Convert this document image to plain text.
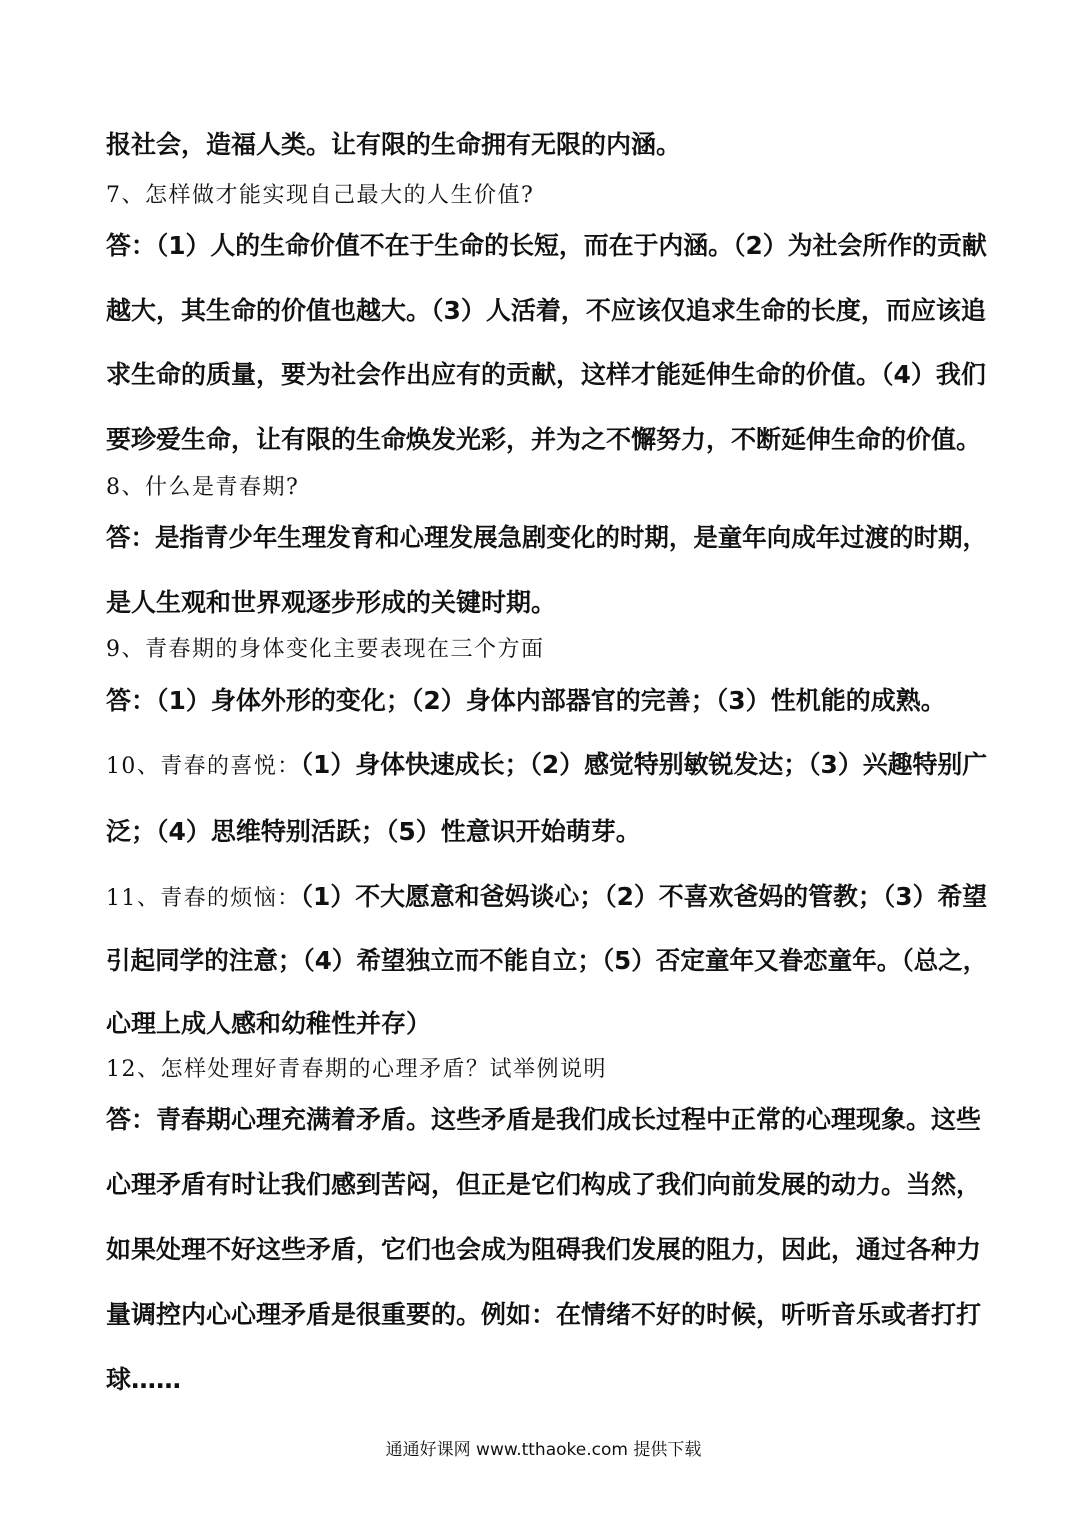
报社会，造福人类。让有限的生命拥有无限的内涵。
7、怎样做才能实现自己最大的人生价值?
答：（1）人的生命价值不在于生命的长短，而在于内涵。（2）为社会所作的贡献
越大，其生命的价值也越大。（3）人活着，不应该仅追求生命的长度，而应该追
求生命的质量，要为社会作出应有的贡献，这样才能延伸生命的价值。（4）我们
要珍爱生命，让有限的生命焕发光彩，并为之不懈努力，不断延伸生命的价值。
8、什么是青春期?
答：是指青少年生理发育和心理发展急剧变化的时期，是童年向成年过渡的时期，
是人生观和世界观逐步形成的关键时期。
9、青春期的身体变化主要表现在三个方面
答：（1）身体外形的变化；（2）身体内部器官的完善；（3）性机能的成熟。
10、青春的喜悦：（1）身体快速成长；（2）感觉特别敏锐发达；（3）兴趣特别广
泛；（4）思维特别活跃；（5）性意识开始萌芽。
11、青春的烦恼：（1）不大愿意和爸妈谈心；（2）不喜欢爸妈的管教；（3）希望
引起同学的注意；（4）希望独立而不能自立；（5）否定童年又眷恋童年。（总之，
心理上成人感和幼稚性并存）
12、怎样处理好青春期的心理矛盾？试举例说明
答：青春期心理充满着矛盾。这些矛盾是我们成长过程中正常的心理现象。这些
心理矛盾有时让我们感到苦闷，但正是它们构成了我们向前发展的动力。当然，
如果处理不好这些矛盾，它们也会成为阻碍我们发展的阻力，因此，通过各种力
量调控内心心理矛盾是很重要的。例如：在情绪不好的时候，听听音乐或者打打
球……
通通好课网 www.tthaoke.com 提供下载
